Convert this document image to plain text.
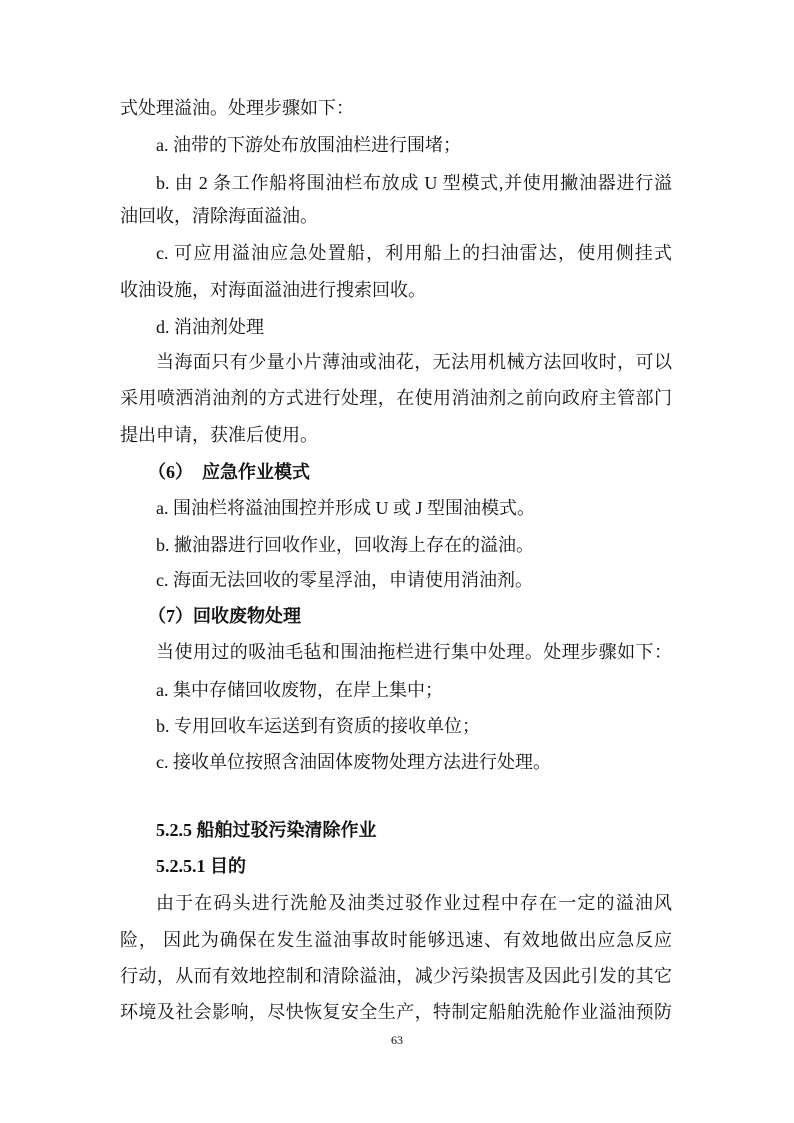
式处理溢油。处理步骤如下：
a. 油带的下游处布放围油栏进行围堵；
b. 由 2 条工作船将围油栏布放成 U 型模式,并使用撇油器进行溢
油回收，清除海面溢油。
c. 可应用溢油应急处置船，利用船上的扫油雷达，使用侧挂式
收油设施，对海面溢油进行搜索回收。
d. 消油剂处理
当海面只有少量小片薄油或油花，无法用机械方法回收时，可以
采用喷洒消油剂的方式进行处理，在使用消油剂之前向政府主管部门
提出申请，获准后使用。
（6）  应急作业模式
a. 围油栏将溢油围控并形成 U 或 J 型围油模式。
b. 撇油器进行回收作业，回收海上存在的溢油。
c. 海面无法回收的零星浮油，申请使用消油剂。
（7）回收废物处理
当使用过的吸油毛毡和围油拖栏进行集中处理。处理步骤如下：
a. 集中存储回收废物，在岸上集中；
b. 专用回收车运送到有资质的接收单位；
c. 接收单位按照含油固体废物处理方法进行处理。
5.2.5 船舶过驳污染清除作业
5.2.5.1 目的
由于在码头进行洗舱及油类过驳作业过程中存在一定的溢油风
险， 因此为确保在发生溢油事故时能够迅速、有效地做出应急反应
行动，从而有效地控制和清除溢油，减少污染损害及因此引发的其它
环境及社会影响，尽快恢复安全生产，特制定船舶洗舱作业溢油预防
63
